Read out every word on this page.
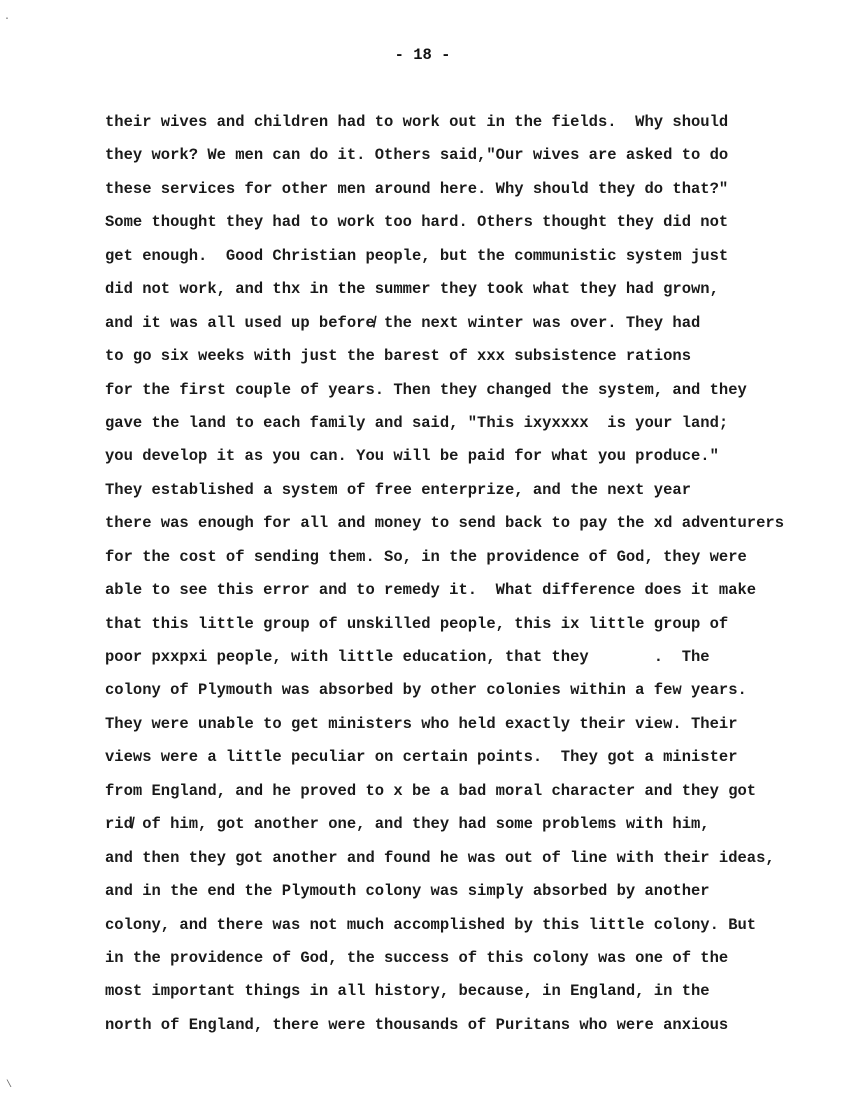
·
- 18 -
their wives and children had to work out in the fields.  Why should
they work? We men can do it. Others said,"Our wives are asked to do
these services for other men around here. Why should they do that?"
Some thought they had to work too hard. Others thought they did not
get enough.  Good Christian people, but the communistic system just
did not work, and thx in the summer they took what they had grown,
and it was all used up before̸ the next winter was over. They had
to go six weeks with just the barest of xxx subsistence rations
for the first couple of years. Then they changed the system, and they
gave the land to each family and said, "This ixyxxxx  is your land;
you develop it as you can. You will be paid for what you produce."
They established a system of free enterprize, and the next year
there was enough for all and money to send back to pay the xd adventurers
for the cost of sending them. So, in the providence of God, they were
able to see this error and to remedy it.  What difference does it make
that this little group of unskilled people, this ix little group of
poor pxxpxi people, with little education, that they       .  The
colony of Plymouth was absorbed by other colonies within a few years.
They were unable to get ministers who held exactly their view. Their
views were a little peculiar on certain points.  They got a minister
from England, and he proved to x be a bad moral character and they got
rid̸ of him, got another one, and they had some problems with him,
and then they got another and found he was out of line with their ideas,
and in the end the Plymouth colony was simply absorbed by another
colony, and there was not much accomplished by this little colony. But
in the providence of God, the success of this colony was one of the
most important things in all history, because, in England, in the
north of England, there were thousands of Puritans who were anxious
\
